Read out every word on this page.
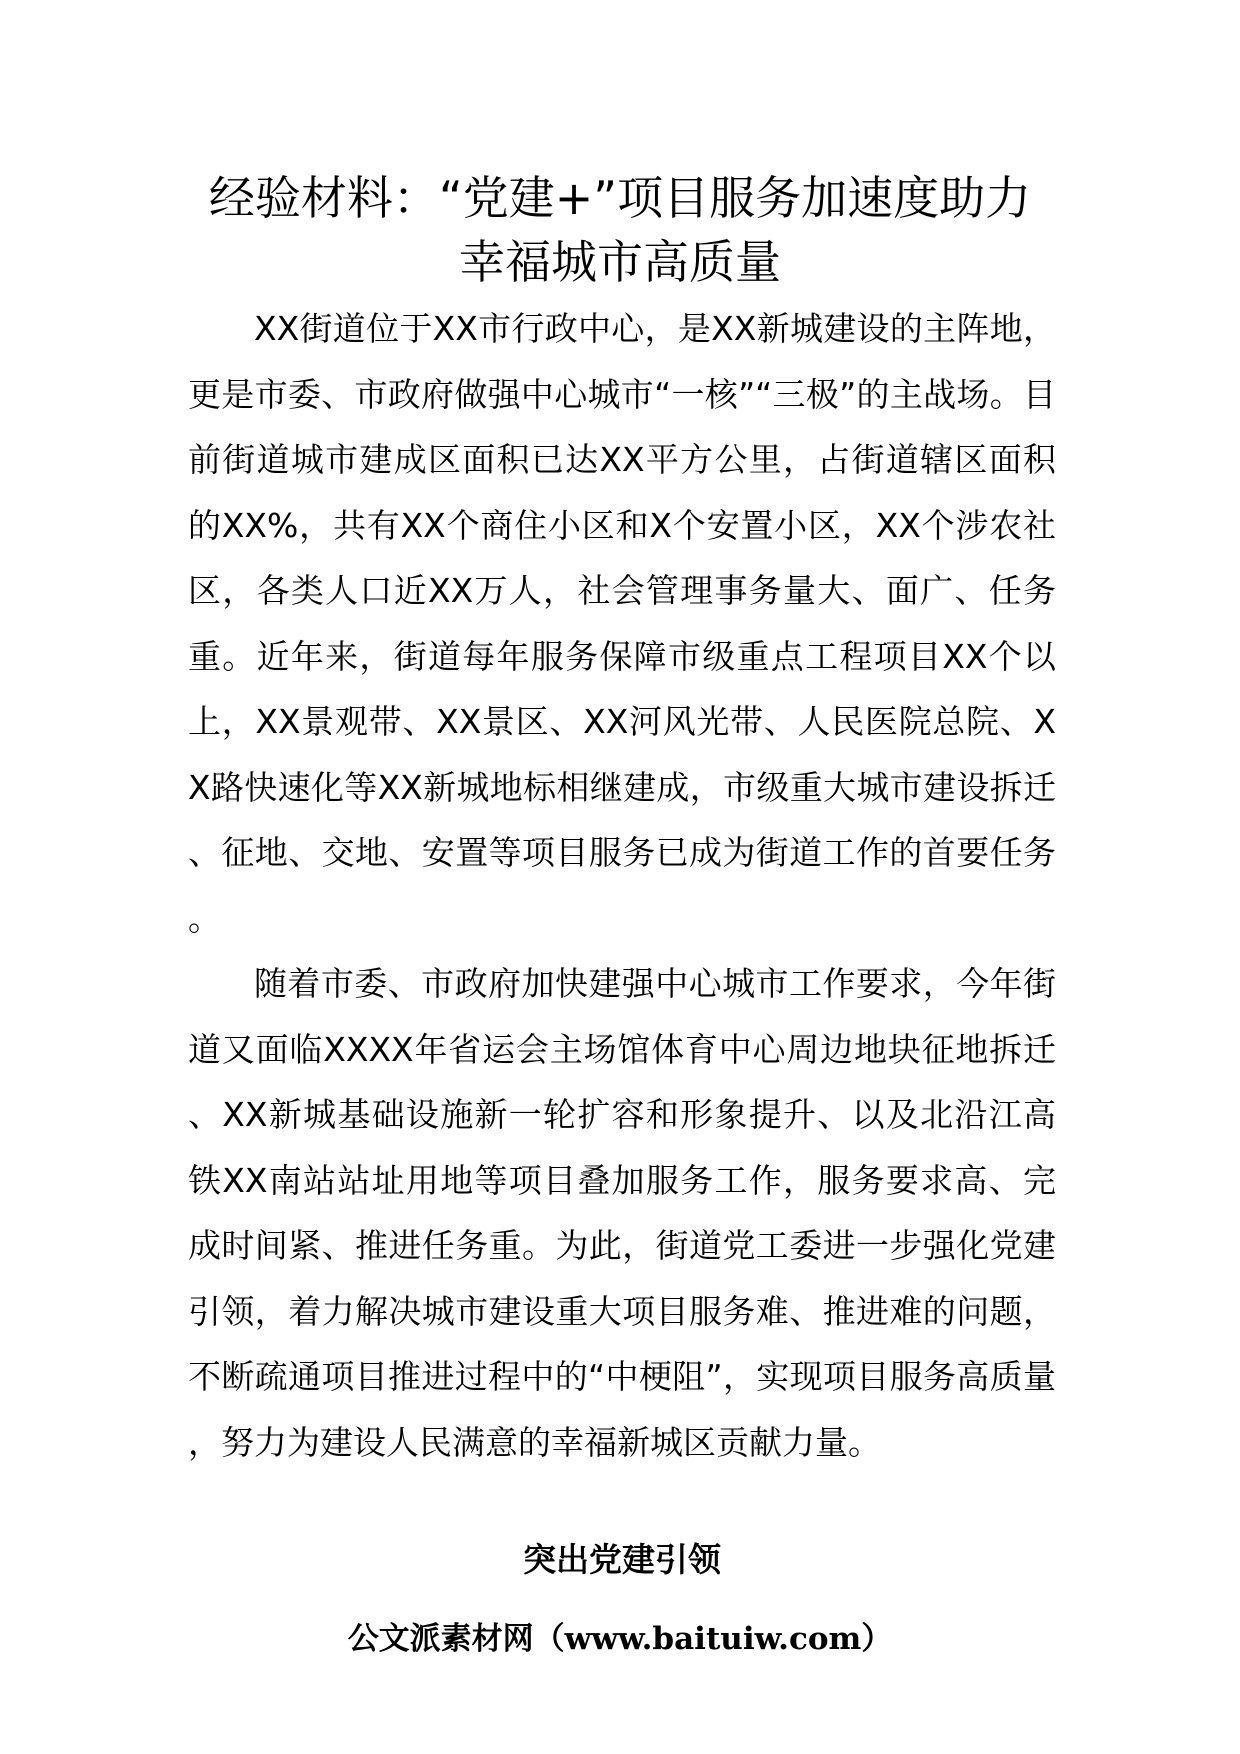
经验材料：“党建+”项目服务加速度助力
幸福城市高质量

XX街道位于XX市行政中心，是XX新城建设的主阵地，更是市委、市政府做强中心城市“一核”“三极”的主战场。目前街道城市建成区面积已达XX平方公里，占街道辖区面积的XX%，共有XX个商住小区和X个安置小区，XX个涉农社区，各类人口近XX万人，社会管理事务量大、面广、任务重。近年来，街道每年服务保障市级重点工程项目XX个以上，XX景观带、XX景区、XX河风光带、人民医院总院、XX路快速化等XX新城地标相继建成，市级重大城市建设拆迁、征地、交地、安置等项目服务已成为街道工作的首要任务。

随着市委、市政府加快建强中心城市工作要求，今年街道又面临XXXX年省运会主场馆体育中心周边地块征地拆迁、XX新城基础设施新一轮扩容和形象提升、以及北沿江高铁XX南站站址用地等项目叠加服务工作，服务要求高、完成时间紧、推进任务重。为此，街道党工委进一步强化党建引领，着力解决城市建设重大项目服务难、推进难的问题，不断疏通项目推进过程中的“中梗阻”，实现项目服务高质量，努力为建设人民满意的幸福新城区贡献力量。

突出党建引领
公文派素材网（www.baituiw.com）
